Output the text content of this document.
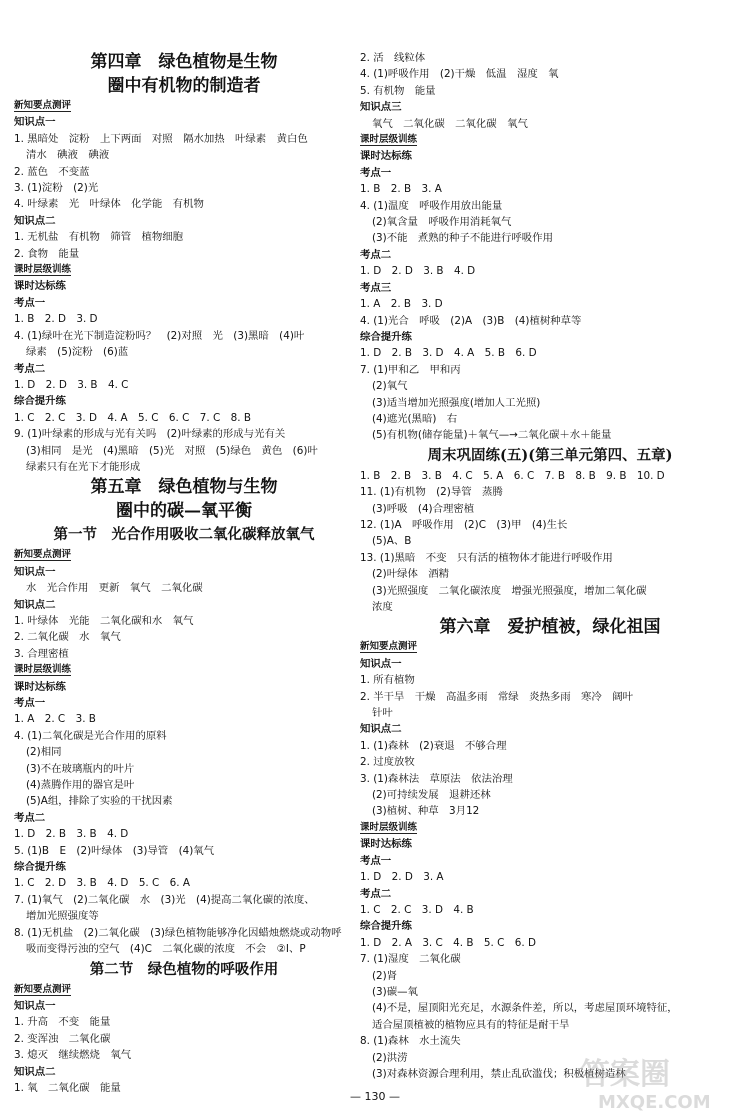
第四章　绿色植物是生物
圈中有机物的制造者
新知要点测评
知识点一
1. 黑暗处　淀粉　上下两面　对照　隔水加热　叶绿素　黄白色
清水　碘液　碘液
2. 蓝色　不变蓝
3. (1)淀粉　(2)光
4. 叶绿素　光　叶绿体　化学能　有机物
知识点二
1. 无机盐　有机物　筛管　植物细胞
2. 食物　能量
课时层级训练
课时达标练
考点一
1. B　2. D　3. D
4. (1)绿叶在光下制造淀粉吗？　(2)对照　光　(3)黑暗　(4)叶
绿素　(5)淀粉　(6)蓝
考点二
1. D　2. D　3. B　4. C
综合提升练
1. C　2. C　3. D　4. A　5. C　6. C　7. C　8. B
9. (1)叶绿素的形成与光有关吗　(2)叶绿素的形成与光有关
(3)相同　是光　(4)黑暗　(5)光　对照　(5)绿色　黄色　(6)叶
绿素只有在光下才能形成
第五章　绿色植物与生物
圈中的碳—氧平衡
第一节　光合作用吸收二氧化碳释放氧气
新知要点测评
知识点一
水　光合作用　更新　氧气　二氧化碳
知识点二
1. 叶绿体　光能　二氧化碳和水　氧气
2. 二氧化碳　水　氧气
3. 合理密植
课时层级训练
课时达标练
考点一
1. A　2. C　3. B
4. (1)二氧化碳是光合作用的原料
(2)相同
(3)不在玻璃瓶内的叶片
(4)蒸腾作用的器官是叶
(5)A组，排除了实验的干扰因素
考点二
1. D　2. B　3. B　4. D
5. (1)B　E　(2)叶绿体　(3)导管　(4)氧气
综合提升练
1. C　2. D　3. B　4. D　5. C　6. A
7. (1)氧气　(2)二氧化碳　水　(3)光　(4)提高二氧化碳的浓度、
增加光照强度等
8. (1)无机盐　(2)二氧化碳　(3)绿色植物能够净化因蜡烛燃烧或动物呼
吸而变得污浊的空气　(4)C　二氧化碳的浓度　不会　②I、P
第二节　绿色植物的呼吸作用
新知要点测评
知识点一
1. 升高　不变　能量
2. 变浑浊　二氧化碳
3. 熄灭　继续燃烧　氧气
知识点二
1. 氧　二氧化碳　能量
2. 活　线粒体
4. (1)呼吸作用　(2)干燥　低温　湿度　氧
5. 有机物　能量
知识点三
氧气　二氧化碳　二氧化碳　氧气
课时层级训练
课时达标练
考点一
1. B　2. B　3. A
4. (1)温度　呼吸作用放出能量
(2)氧含量　呼吸作用消耗氧气
(3)不能　煮熟的种子不能进行呼吸作用
考点二
1. D　2. D　3. B　4. D
考点三
1. A　2. B　3. D
4. (1)光合　呼吸　(2)A　(3)B　(4)植树种草等
综合提升练
1. D　2. B　3. D　4. A　5. B　6. D
7. (1)甲和乙　甲和丙
(2)氧气
(3)适当增加光照强度(增加人工光照)
(4)遮光(黑暗)　右
(5)有机物(储存能量)＋氧气—→二氧化碳＋水＋能量
周末巩固练(五)(第三单元第四、五章)
1. B　2. B　3. B　4. C　5. A　6. C　7. B　8. B　9. B　10. D
11. (1)有机物　(2)导管　蒸腾
(3)呼吸　(4)合理密植
12. (1)A　呼吸作用　(2)C　(3)甲　(4)生长
(5)A、B
13. (1)黑暗　不变　只有活的植物体才能进行呼吸作用
(2)叶绿体　酒精
(3)光照强度　二氧化碳浓度　增强光照强度，增加二氧化碳
浓度
第六章　爱护植被，绿化祖国
新知要点测评
知识点一
1. 所有植物
2. 半干旱　干燥　高温多雨　常绿　炎热多雨　寒冷　阔叶
针叶
知识点二
1. (1)森林　(2)衰退　不够合理
2. 过度放牧
3. (1)森林法　草原法　依法治理
(2)可持续发展　退耕还林
(3)植树、种草　3月12
课时层级训练
课时达标练
考点一
1. D　2. D　3. A
考点二
1. C　2. C　3. D　4. B
综合提升练
1. D　2. A　3. C　4. B　5. C　6. D
7. (1)湿度　二氧化碳
(2)肾
(3)碳—氧
(4)不是，屋顶阳光充足，水源条件差，所以，考虑屋顶环境特征，
适合屋顶植被的植物应具有的特征是耐干旱
8. (1)森林　水土流失
(2)洪涝
(3)对森林资源合理利用，禁止乱砍滥伐；积极植树造林
— 130 —
答案圈
MXQE.COM
